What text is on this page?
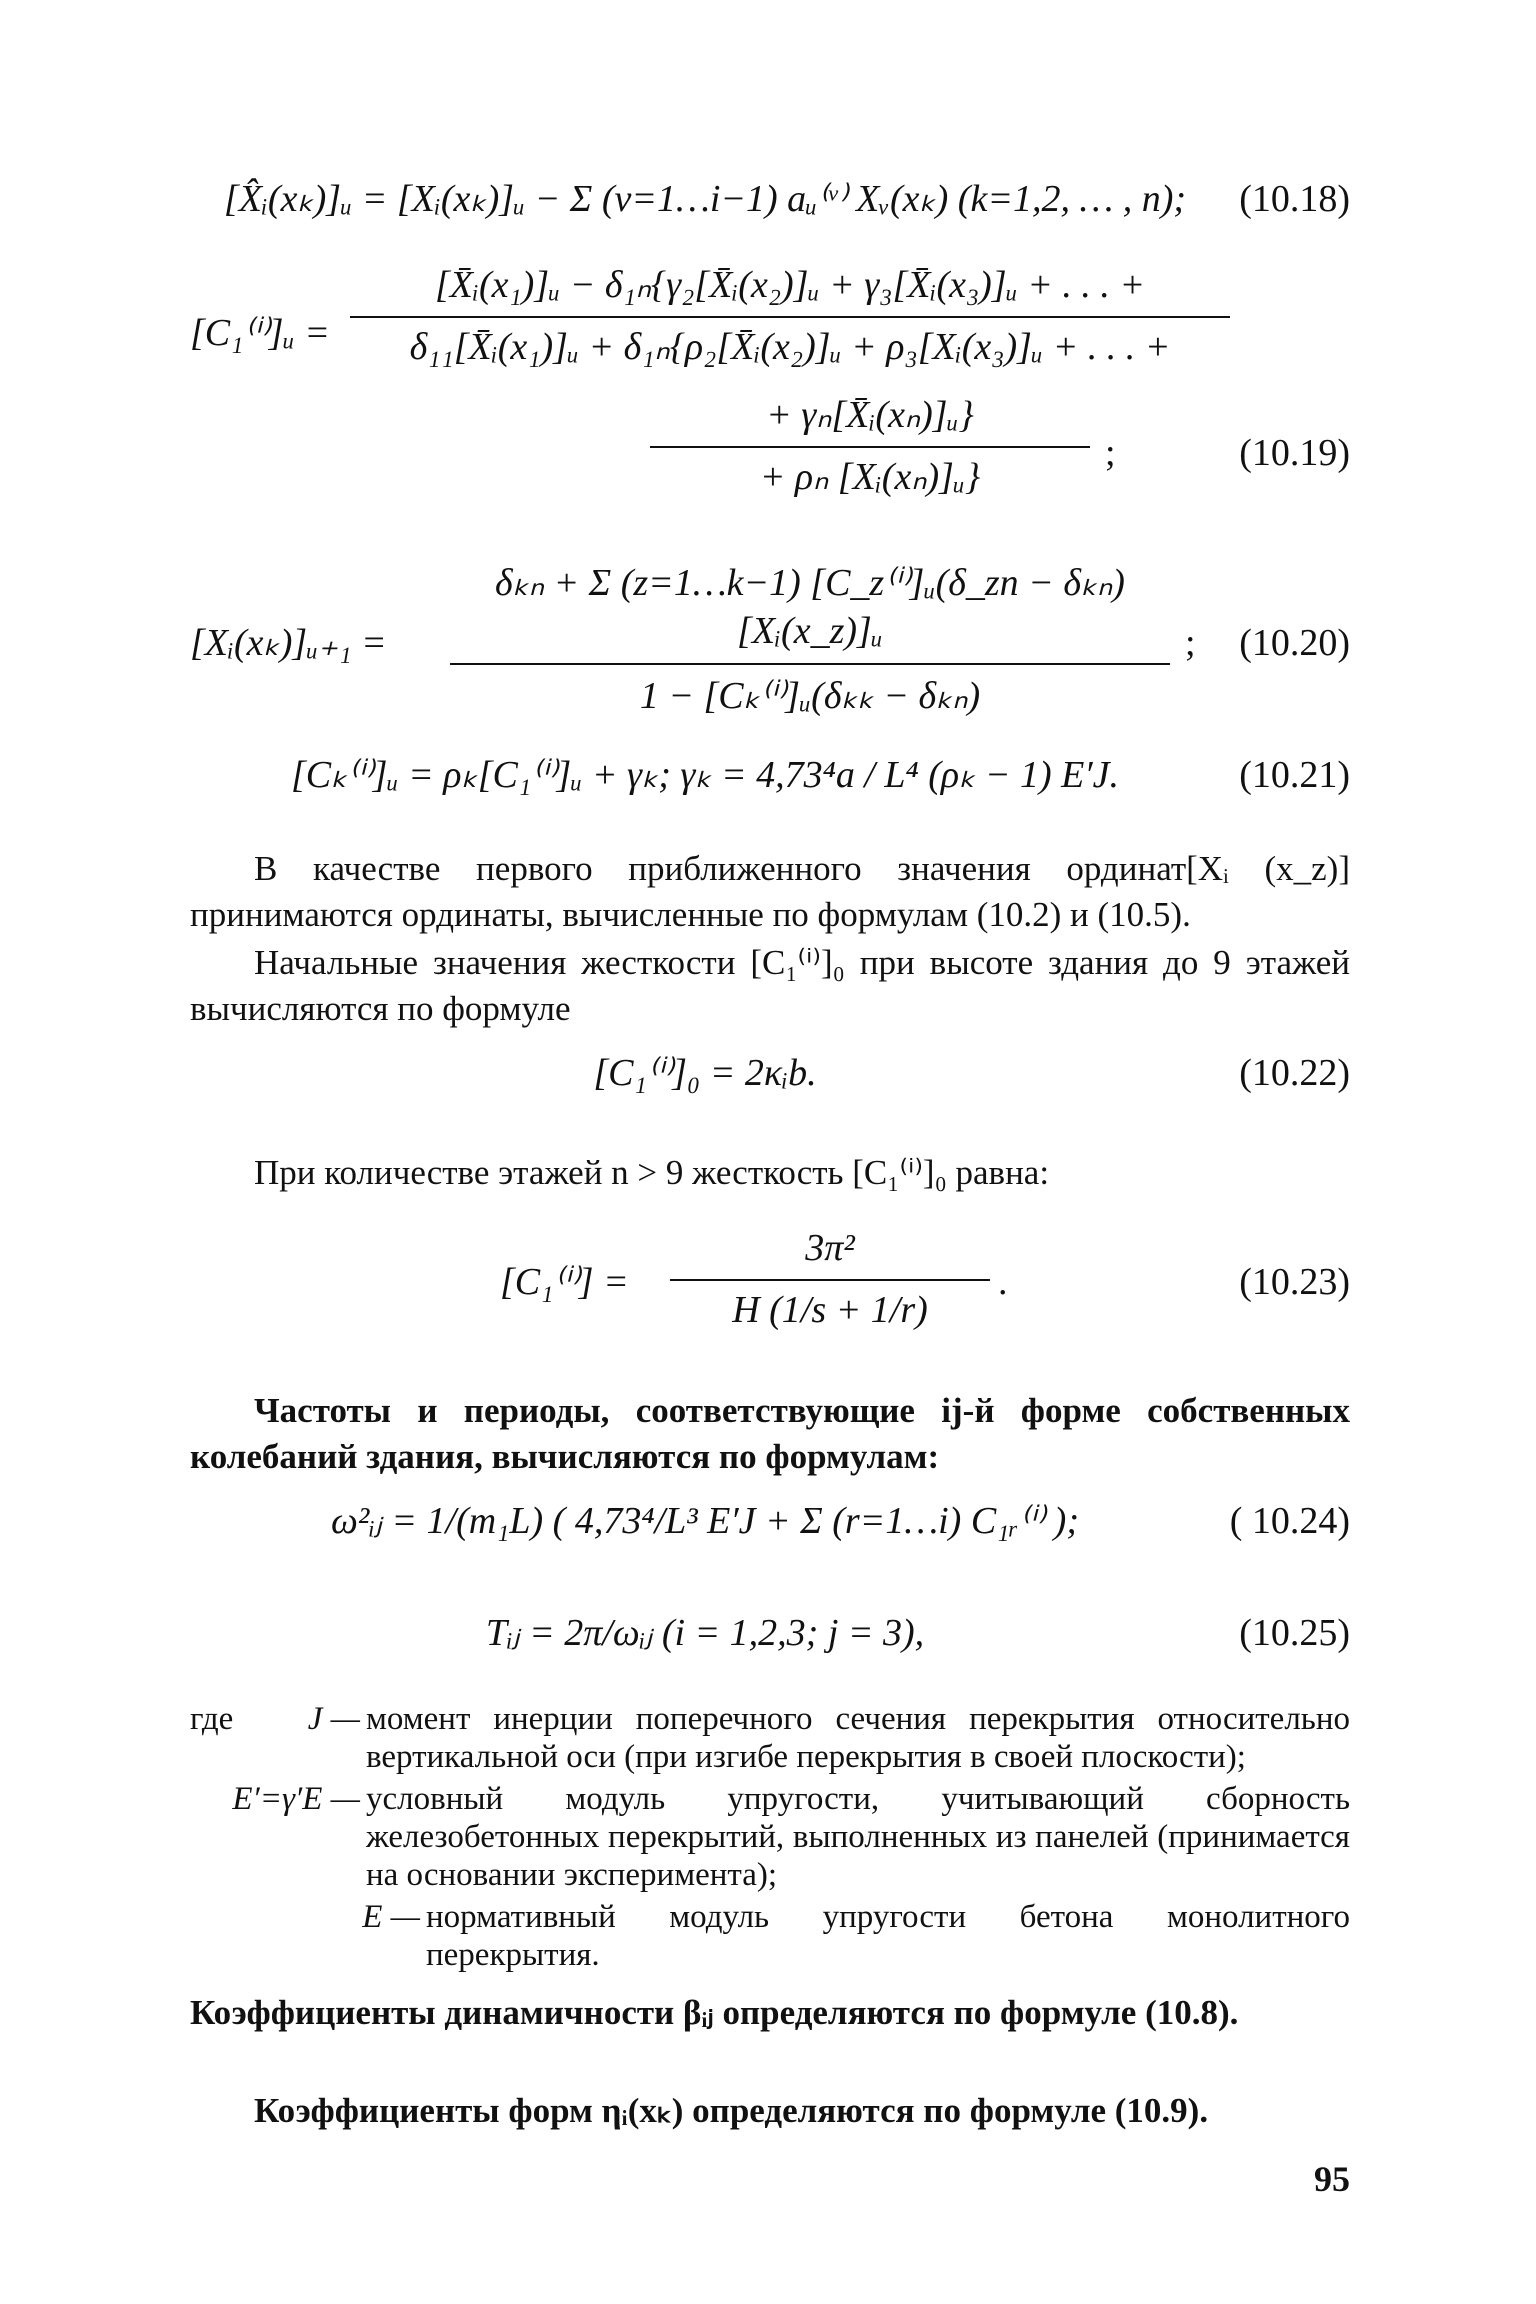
[X̂ᵢ(xₖ)]ᵤ = [Xᵢ(xₖ)]ᵤ − Σ (ν=1…i−1) aᵤ⁽ᵛ⁾ Xᵥ(xₖ) (k=1,2, … , n);	(10.18)
[C₁⁽ⁱ⁾]ᵤ = $\frac{\text{[X̄ᵢ(x₁)]ᵤ − δ₁ₙ\{γ₂[X̄ᵢ(x₂)]ᵤ + γ₃[X̄ᵢ(x₃)]ᵤ + . . . +}}{\text{δ₁₁[X̄ᵢ(x₁)]ᵤ + δ₁ₙ\{ρ₂[X̄ᵢ(x₂)]ᵤ + ρ₃[Xᵢ(x₃)]ᵤ + . . . +}}$
$\frac{\text{+ γₙ[X̄ᵢ(xₙ)]ᵤ\}}}{\text{+ ρₙ [Xᵢ(xₙ)]ᵤ\}}}$ ;	(10.19)
[Xᵢ(xₖ)]ᵤ₊₁ =
δₖₙ + Σ (z=1…k−1) [C_z⁽ⁱ⁾]ᵤ(δ_zn − δₖₙ)[Xᵢ(x_z)]ᵤ
1 − [Cₖ⁽ⁱ⁾]ᵤ(δₖₖ − δₖₙ)
; (10.20)
[Cₖ⁽ⁱ⁾]ᵤ = ρₖ[C₁⁽ⁱ⁾]ᵤ + γₖ; γₖ = 4,73⁴a / L⁴ (ρₖ − 1) E′J.	(10.21)
В качестве первого приближенного значения ординат[Xᵢ (x_z)] принимаются ординаты, вычисленные по формулам (10.2) и (10.5).
Начальные значения жесткости [C₁⁽ⁱ⁾]₀ при высоте здания до 9 этажей вычисляются по формуле
[C₁⁽ⁱ⁾]₀ = 2κᵢb.	(10.22)
При количестве этажей n > 9 жесткость [C₁⁽ⁱ⁾]₀ равна:
$[C_1^{(i)}] = \frac{\text{3π²}}{H (1/s + 1/r)}$ .	(10.23)
Частоты и периоды, соответствующие ij-й форме собственных колебаний здания, вычисляются по формулам:
ω²ᵢⱼ = 1/(m₁L) ( 4,73⁴/L³ E′J + Σ (r=1…i) C₁ᵣ⁽ⁱ⁾ );	( 10.24)
Tᵢⱼ = 2π/ωᵢⱼ (i = 1,2,3; j = 3),	(10.25)
где	J — момент инерции поперечного сечения перекрытия относительно вертикальной оси (при изгибе перекрытия в своей плоскости);
E′=γ′E — условный модуль упругости, учитывающий сборность железобетонных перекрытий, выполненных из панелей (принимается на основании эксперимента);
E — нормативный модуль упругости бетона монолитного перекрытия.
Коэффициенты динамичности βᵢⱼ определяются по формуле (10.8).
Коэффициенты форм ηᵢ(xₖ) определяются по формуле (10.9).
95
